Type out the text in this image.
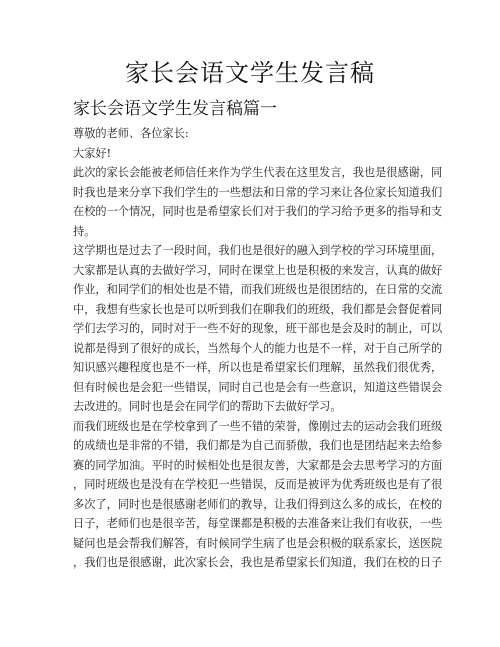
家长会语文学生发言稿
家长会语文学生发言稿篇一
尊敬的老师、各位家长:
大家好!
此次的家长会能被老师信任来作为学生代表在这里发言，我也是很感谢，同
时我也是来分享下我们学生的一些想法和日常的学习来让各位家长知道我们
在校的一个情况，同时也是希望家长们对于我们的学习给予更多的指导和支
持。
这学期也是过去了一段时间，我们也是很好的融入到学校的学习环境里面，
大家都是认真的去做好学习，同时在课堂上也是积极的来发言，认真的做好
作业，和同学们的相处也是不错，而我们班级也是很团结的，在日常的交流
中，我想有些家长也是可以听到我们在聊我们的班级，我们都是会督促着同
学们去学习的，同时对于一些不好的现象，班干部也是会及时的制止，可以
说都是得到了很好的成长，当然每个人的能力也是不一样，对于自己所学的
知识感兴趣程度也是不一样，所以也是希望家长们理解，虽然我们很优秀，
但有时候也是会犯一些错误，同时自己也是会有一些意识，知道这些错误会
去改进的。同时也是会在同学们的帮助下去做好学习。
而我们班级也是在学校拿到了一些不错的荣誉，像刚过去的运动会我们班级
的成绩也是非常的不错，我们都是为自己而骄傲，我们也是团结起来去给参
赛的同学加油。平时的时候相处也是很友善，大家都是会去思考学习的方面
，同时班级也是没有在学校犯一些错误，反而是被评为优秀班级也是有了很
多次了，同时也是很感谢老师们的教导，让我们得到这么多的成长，在校的
日子，老师们也是很辛苦，每堂课都是积极的去准备来让我们有收获，一些
疑问也是会帮我们解答，有时候同学生病了也是会积极的联系家长，送医院
，我们也是很感谢，此次家长会，我也是希望家长们知道，我们在校的日子
